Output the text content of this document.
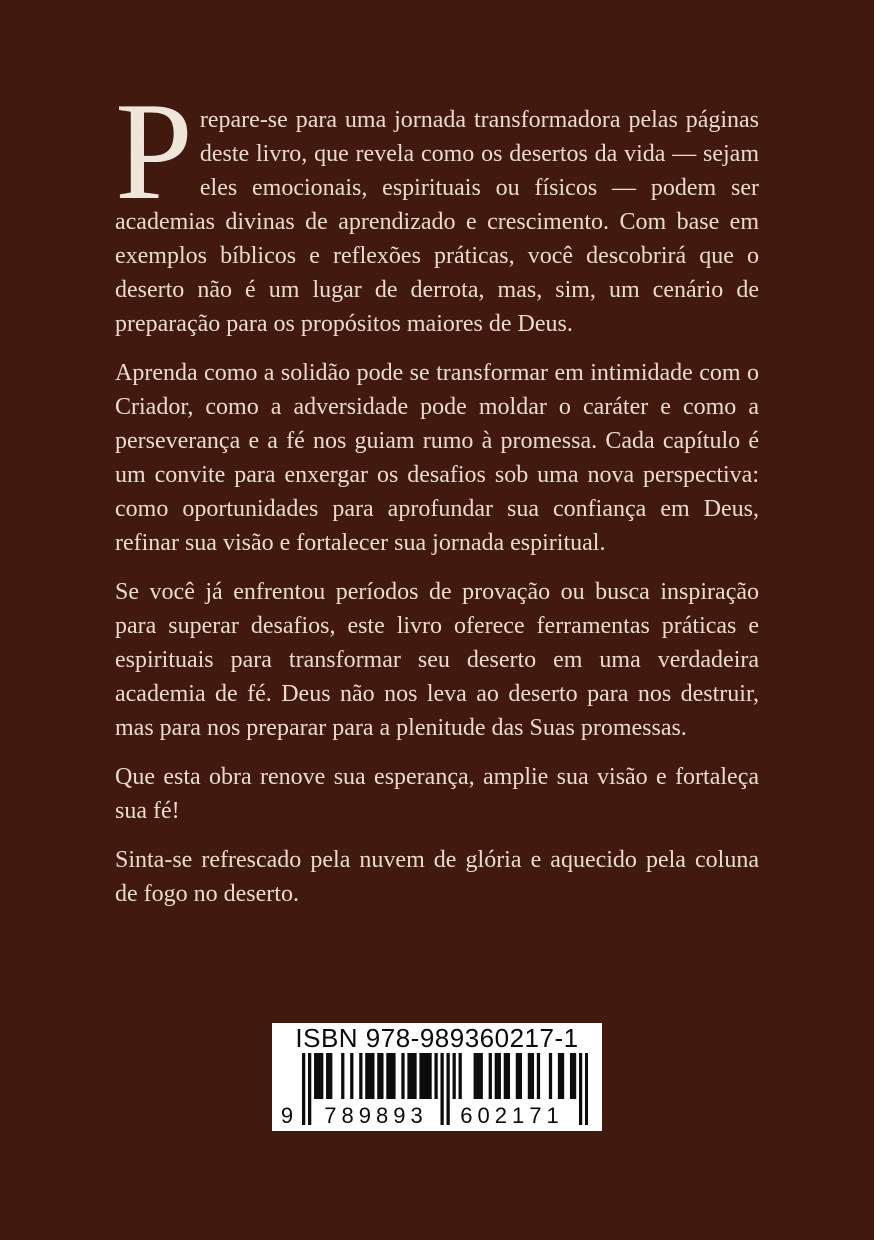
Prepare-se para uma jornada transformadora pelas páginas deste livro, que revela como os desertos da vida — sejam eles emocionais, espirituais ou físicos — podem ser academias divinas de aprendizado e crescimento. Com base em exemplos bíblicos e reflexões práticas, você descobrirá que o deserto não é um lugar de derrota, mas, sim, um cenário de preparação para os propósitos maiores de Deus.

Aprenda como a solidão pode se transformar em intimidade com o Criador, como a adversidade pode moldar o caráter e como a perseverança e a fé nos guiam rumo à promessa. Cada capítulo é um convite para enxergar os desafios sob uma nova perspectiva: como oportunidades para aprofundar sua confiança em Deus, refinar sua visão e fortalecer sua jornada espiritual.

Se você já enfrentou períodos de provação ou busca inspiração para superar desafios, este livro oferece ferramentas práticas e espirituais para transformar seu deserto em uma verdadeira academia de fé. Deus não nos leva ao deserto para nos destruir, mas para nos preparar para a plenitude das Suas promessas.

Que esta obra renove sua esperança, amplie sua visão e fortaleça sua fé!

Sinta-se refrescado pela nuvem de glória e aquecido pela coluna de fogo no deserto.

ISBN 978-989360217-1
9	789893	602171
